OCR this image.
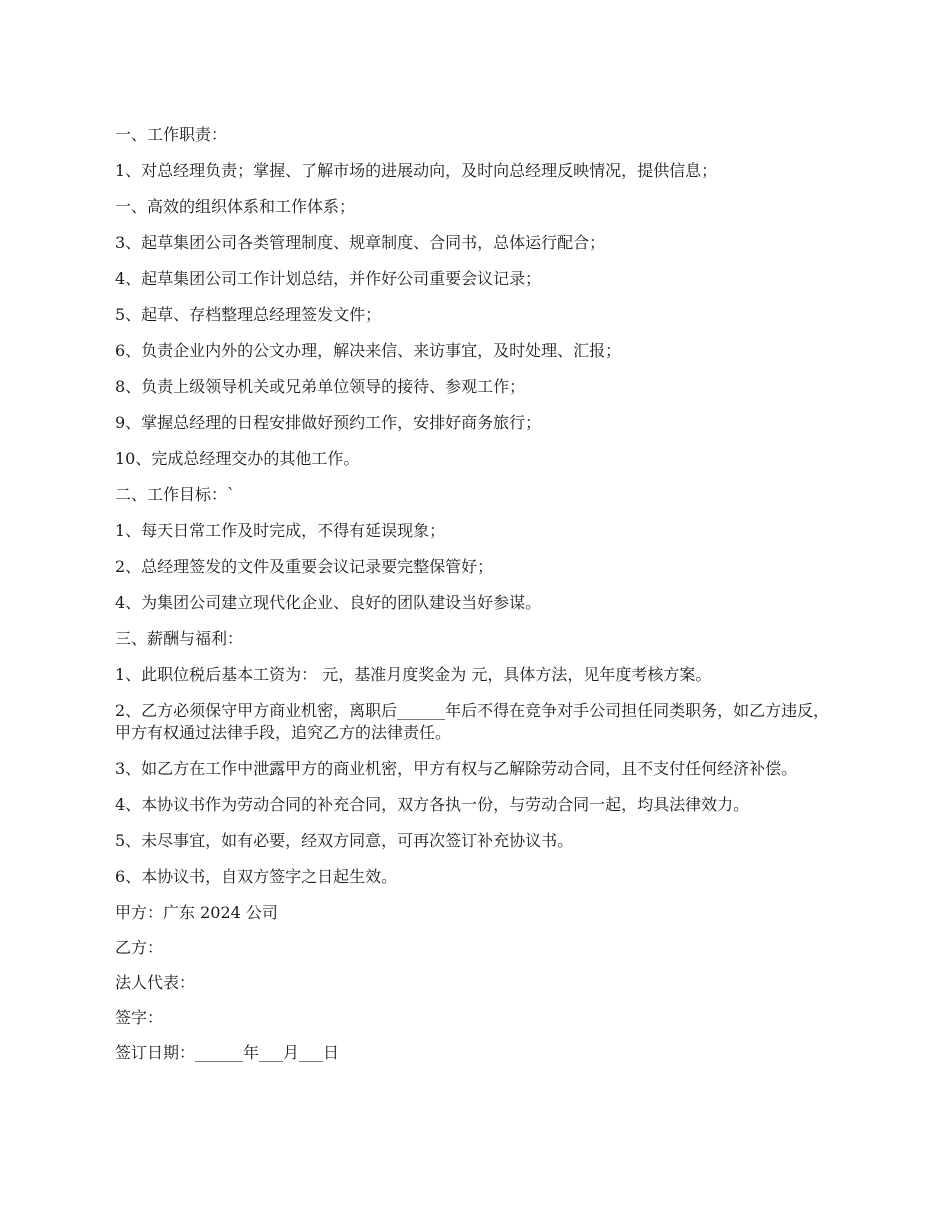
一、工作职责：

1、对总经理负责；掌握、了解市场的进展动向，及时向总经理反映情况，提供信息；

一、高效的组织体系和工作体系；

3、起草集团公司各类管理制度、规章制度、合同书，总体运行配合；

4、起草集团公司工作计划总结，并作好公司重要会议记录；

5、起草、存档整理总经理签发文件；

6、负责企业内外的公文办理，解决来信、来访事宜，及时处理、汇报；

8、负责上级领导机关或兄弟单位领导的接待、参观工作；

9、掌握总经理的日程安排做好预约工作，安排好商务旅行；

10、完成总经理交办的其他工作。

二、工作目标：`

1、每天日常工作及时完成，不得有延误现象；

2、总经理签发的文件及重要会议记录要完整保管好；

4、为集团公司建立现代化企业、良好的团队建设当好参谋。

三、薪酬与福利：

1、此职位税后基本工资为： 元，基准月度奖金为 元，具体方法，见年度考核方案。

2、乙方必须保守甲方商业机密，离职后______年后不得在竞争对手公司担任同类职务，如乙方违反，甲方有权通过法律手段，追究乙方的法律责任。

3、如乙方在工作中泄露甲方的商业机密，甲方有权与乙解除劳动合同，且不支付任何经济补偿。

4、本协议书作为劳动合同的补充合同，双方各执一份，与劳动合同一起，均具法律效力。

5、未尽事宜，如有必要，经双方同意，可再次签订补充协议书。

6、本协议书，自双方签字之日起生效。

甲方：广东 2024 公司

乙方：

法人代表：

签字：

签订日期：______年___月___日
